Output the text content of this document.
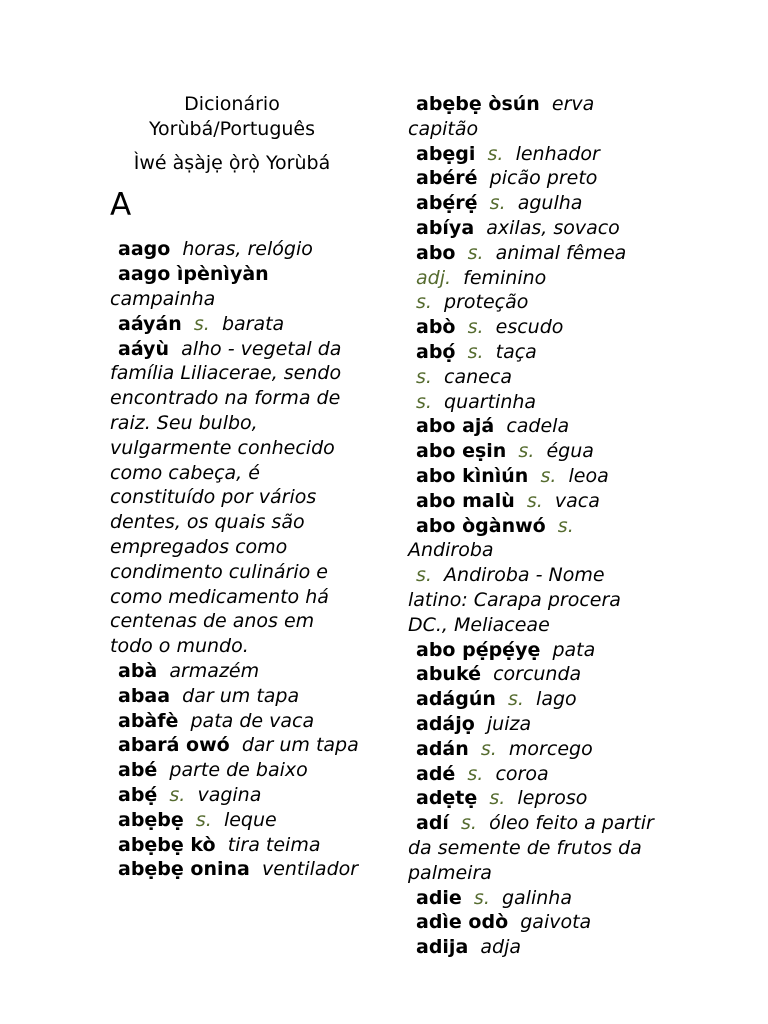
Dicionário Yorùbá/Português
Ìwé àṣàjẹ ọ̀rọ̀ Yorùbá
A
aago horas, relógio
aago ìpènìyàn  campainha
aáyán s. barata
aáyù alho - vegetal da família Liliacerae, sendo encontrado na forma de raiz. Seu bulbo, vulgarmente conhecido como cabeça, é constituído por vários dentes, os quais são empregados como condimento culinário e como medicamento há centenas de anos em todo o mundo.
abà armazém
abaa dar um tapa
abàfè pata de vaca
abará owó dar um tapa
abé parte de baixo
abẹ́ s. vagina
abẹbẹ s. leque
abẹbẹ kò tira teima
abẹbẹ onina ventilador
abẹbẹ òsún erva capitão
abẹgi s. lenhador
abéré picão preto
abẹ́rẹ́ s. agulha
abíya axilas, sovaco
abo s. animal fêmea
adj. feminino
s. proteção
abò s. escudo
abọ́ s. taça
s. caneca
s. quartinha
abo ajá cadela
abo eṣin s. égua
abo kìnìún s. leoa
abo malù s. vaca
abo ògànwó s.  Andiroba
s. Andiroba - Nome latino: Carapa procera DC., Meliaceae
abo pẹ́pẹ́yẹ pata
abuké corcunda
adágún s. lago
adájọ juiza
adán s. morcego
adé s. coroa
adẹtẹ s. leproso
adí s. óleo feito a partir da semente de frutos da palmeira
adie s. galinha
adìe odò gaivota
adija adja
